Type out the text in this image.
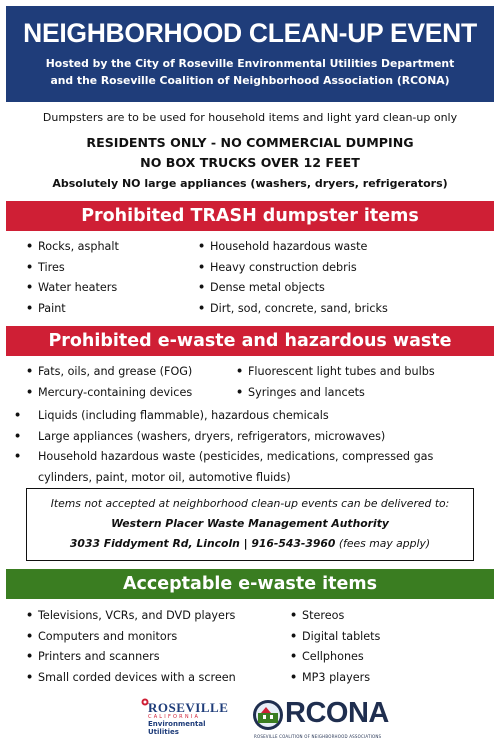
NEIGHBORHOOD CLEAN-UP EVENT
Hosted by the City of Roseville Environmental Utilities Department
and the Roseville Coalition of Neighborhood Association (RCONA)
Dumpsters are to be used for household items and light yard clean-up only
RESIDENTS ONLY - NO COMMERCIAL DUMPING
NO BOX TRUCKS OVER 12 FEET
Absolutely NO large appliances (washers, dryers, refrigerators)
Prohibited TRASH dumpster items
• Rocks, asphalt
• Tires
• Water heaters
• Paint
• Household hazardous waste
• Heavy construction debris
• Dense metal objects
• Dirt, sod, concrete, sand, bricks
Prohibited e-waste and hazardous waste
• Fats, oils, and grease (FOG)
• Mercury-containing devices
• Fluorescent light tubes and bulbs
• Syringes and lancets
• Liquids (including flammable), hazardous chemicals
• Large appliances (washers, dryers, refrigerators, microwaves)
• Household hazardous waste (pesticides, medications, compressed gas cylinders, paint, motor oil, automotive fluids)
Items not accepted at neighborhood clean-up events can be delivered to:
Western Placer Waste Management Authority
3033 Fiddyment Rd, Lincoln | 916-543-3960 (fees may apply)
Acceptable e-waste items
• Televisions, VCRs, and DVD players
• Computers and monitors
• Printers and scanners
• Small corded devices with a screen
• Stereos
• Digital tablets
• Cellphones
• MP3 players
ROSEVILLE
CALIFORNIA
Environmental
Utilities
RCONA
ROSEVILLE COALITION OF NEIGHBORHOOD ASSOCIATIONS
